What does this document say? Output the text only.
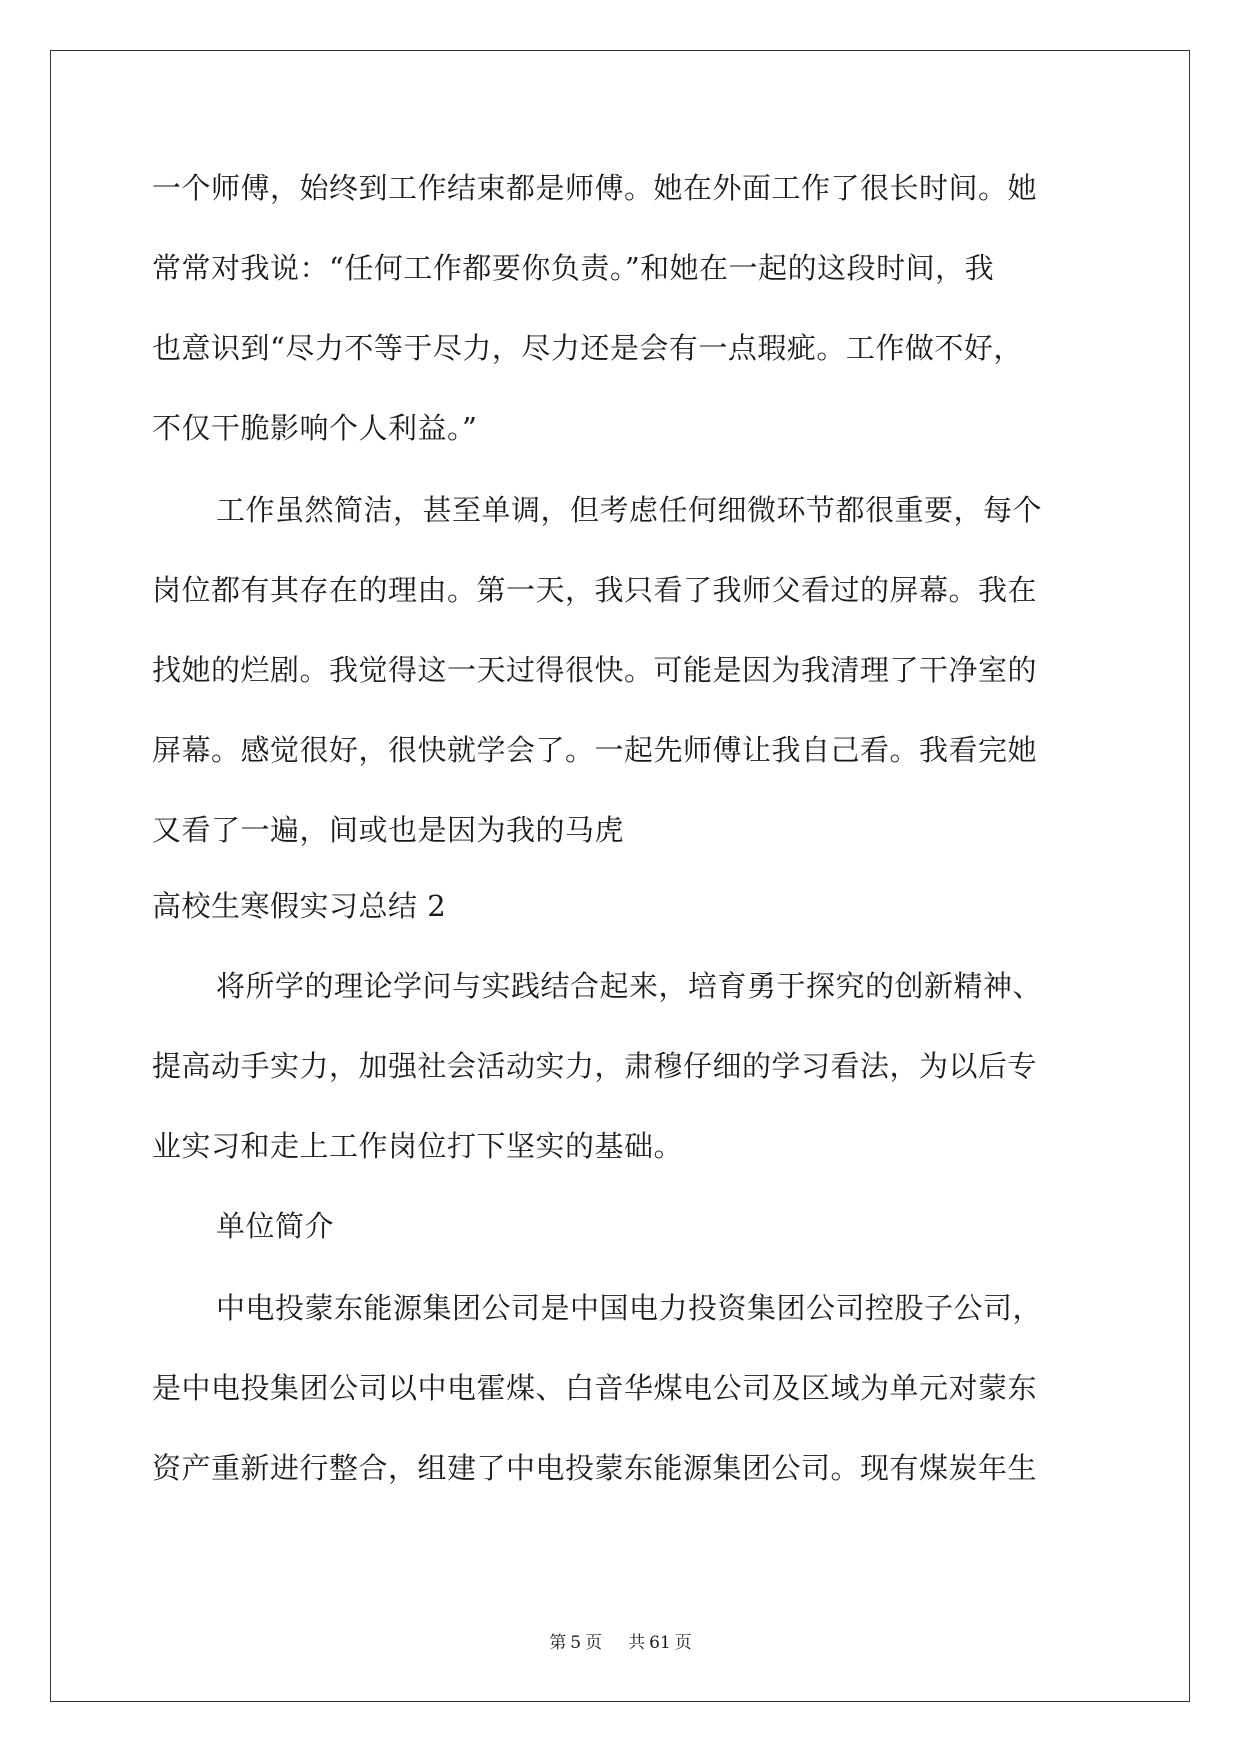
一个师傅，始终到工作结束都是师傅。她在外面工作了很长时间。她
常常对我说：“任何工作都要你负责。”和她在一起的这段时间，我
也意识到“尽力不等于尽力，尽力还是会有一点瑕疵。工作做不好，
不仅干脆影响个人利益。”
工作虽然简洁，甚至单调，但考虑任何细微环节都很重要，每个
岗位都有其存在的理由。第一天，我只看了我师父看过的屏幕。我在
找她的烂剧。我觉得这一天过得很快。可能是因为我清理了干净室的
屏幕。感觉很好，很快就学会了。一起先师傅让我自己看。我看完她
又看了一遍，间或也是因为我的马虎
高校生寒假实习总结 2
将所学的理论学问与实践结合起来，培育勇于探究的创新精神、
提高动手实力，加强社会活动实力，肃穆仔细的学习看法，为以后专
业实习和走上工作岗位打下坚实的基础。
单位简介
中电投蒙东能源集团公司是中国电力投资集团公司控股子公司，
是中电投集团公司以中电霍煤、白音华煤电公司及区域为单元对蒙东
资产重新进行整合，组建了中电投蒙东能源集团公司。现有煤炭年生
第 5 页 共 61 页
